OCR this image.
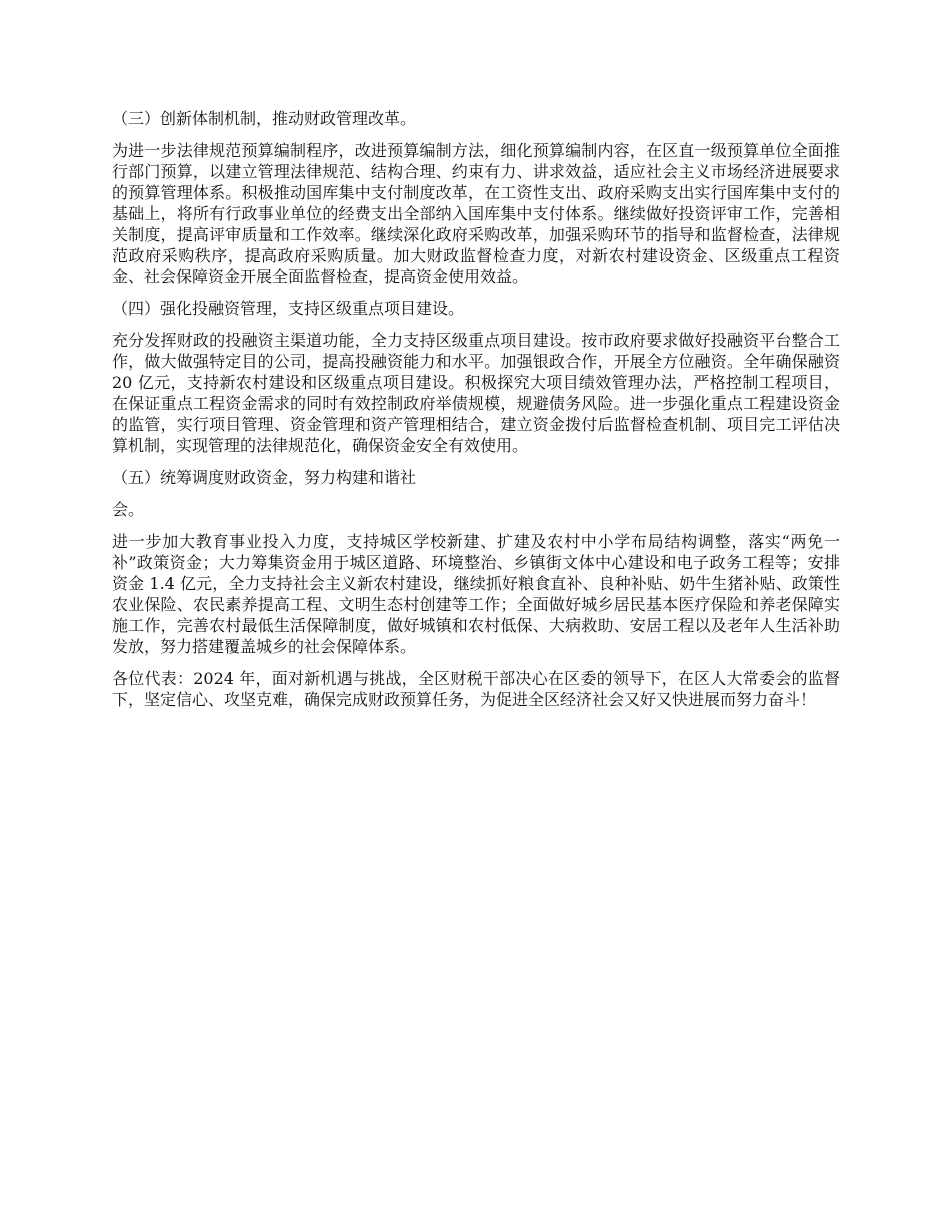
（三）创新体制机制，推动财政管理改革。

为进一步法律规范预算编制程序，改进预算编制方法，细化预算编制内容，在区直一级预算单位全面推行部门预算，以建立管理法律规范、结构合理、约束有力、讲求效益，适应社会主义市场经济进展要求的预算管理体系。积极推动国库集中支付制度改革，在工资性支出、政府采购支出实行国库集中支付的基础上，将所有行政事业单位的经费支出全部纳入国库集中支付体系。继续做好投资评审工作，完善相关制度，提高评审质量和工作效率。继续深化政府采购改革，加强采购环节的指导和监督检查，法律规范政府采购秩序，提高政府采购质量。加大财政监督检查力度，对新农村建设资金、区级重点工程资金、社会保障资金开展全面监督检查，提高资金使用效益。

（四）强化投融资管理，支持区级重点项目建设。

充分发挥财政的投融资主渠道功能，全力支持区级重点项目建设。按市政府要求做好投融资平台整合工作，做大做强特定目的公司，提高投融资能力和水平。加强银政合作，开展全方位融资。全年确保融资 20 亿元，支持新农村建设和区级重点项目建设。积极探究大项目绩效管理办法，严格控制工程项目，在保证重点工程资金需求的同时有效控制政府举债规模，规避债务风险。进一步强化重点工程建设资金的监管，实行项目管理、资金管理和资产管理相结合，建立资金拨付后监督检查机制、项目完工评估决算机制，实现管理的法律规范化，确保资金安全有效使用。

（五）统筹调度财政资金，努力构建和谐社

会。

进一步加大教育事业投入力度，支持城区学校新建、扩建及农村中小学布局结构调整，落实“两免一补”政策资金；大力筹集资金用于城区道路、环境整治、乡镇街文体中心建设和电子政务工程等；安排资金 1.4 亿元，全力支持社会主义新农村建设，继续抓好粮食直补、良种补贴、奶牛生猪补贴、政策性农业保险、农民素养提高工程、文明生态村创建等工作；全面做好城乡居民基本医疗保险和养老保障实施工作，完善农村最低生活保障制度，做好城镇和农村低保、大病救助、安居工程以及老年人生活补助发放，努力搭建覆盖城乡的社会保障体系。

各位代表：2024 年，面对新机遇与挑战，全区财税干部决心在区委的领导下，在区人大常委会的监督下，坚定信心、攻坚克难，确保完成财政预算任务，为促进全区经济社会又好又快进展而努力奋斗！
